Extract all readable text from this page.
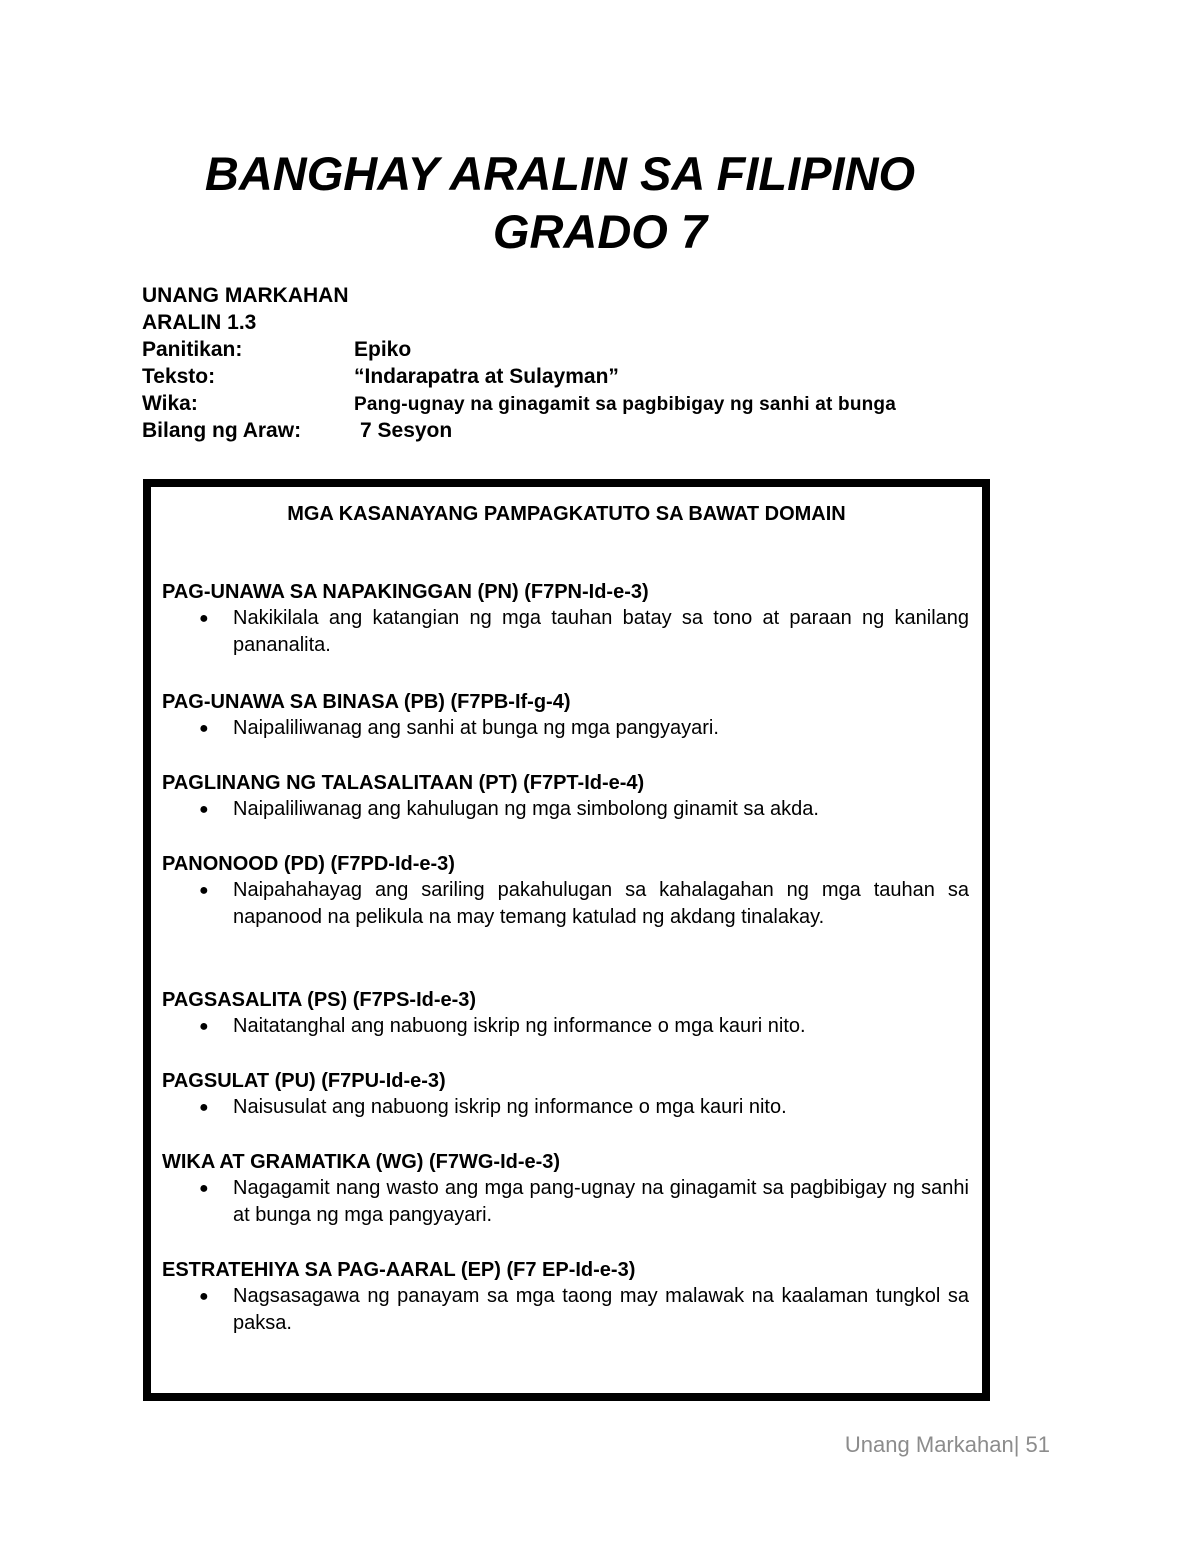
BANGHAY ARALIN SA FILIPINO
GRADO 7
UNANG MARKAHAN
ARALIN 1.3
Panitikan:	Epiko
Teksto:	“Indarapatra at Sulayman”
Wika:	Pang-ugnay na ginagamit sa pagbibigay ng sanhi at bunga
Bilang ng Araw:	7 Sesyon
MGA KASANAYANG PAMPAGKATUTO SA BAWAT DOMAIN
PAG-UNAWA SA NAPAKINGGAN (PN) (F7PN-Id-e-3)
● Nakikilala ang katangian ng mga tauhan batay sa tono at paraan ng kanilang pananalita.
PAG-UNAWA SA BINASA (PB) (F7PB-If-g-4)
● Naipaliliwanag ang sanhi at bunga ng mga pangyayari.
PAGLINANG NG TALASALITAAN (PT) (F7PT-Id-e-4)
● Naipaliliwanag ang kahulugan ng mga simbolong ginamit sa akda.
PANONOOD (PD) (F7PD-Id-e-3)
● Naipahahayag ang sariling pakahulugan sa kahalagahan ng mga tauhan sa napanood na pelikula na may temang katulad ng akdang tinalakay.
PAGSASALITA (PS) (F7PS-Id-e-3)
● Naitatanghal ang nabuong iskrip ng informance o mga kauri nito.
PAGSULAT (PU) (F7PU-Id-e-3)
● Naisusulat ang nabuong iskrip ng informance o mga kauri nito.
WIKA AT GRAMATIKA (WG) (F7WG-Id-e-3)
● Nagagamit nang wasto ang mga pang-ugnay na ginagamit sa pagbibigay ng sanhi at bunga ng mga pangyayari.
ESTRATEHIYA SA PAG-AARAL (EP) (F7 EP-Id-e-3)
● Nagsasagawa ng panayam sa mga taong may malawak na kaalaman tungkol sa paksa.
Unang Markahan| 51
